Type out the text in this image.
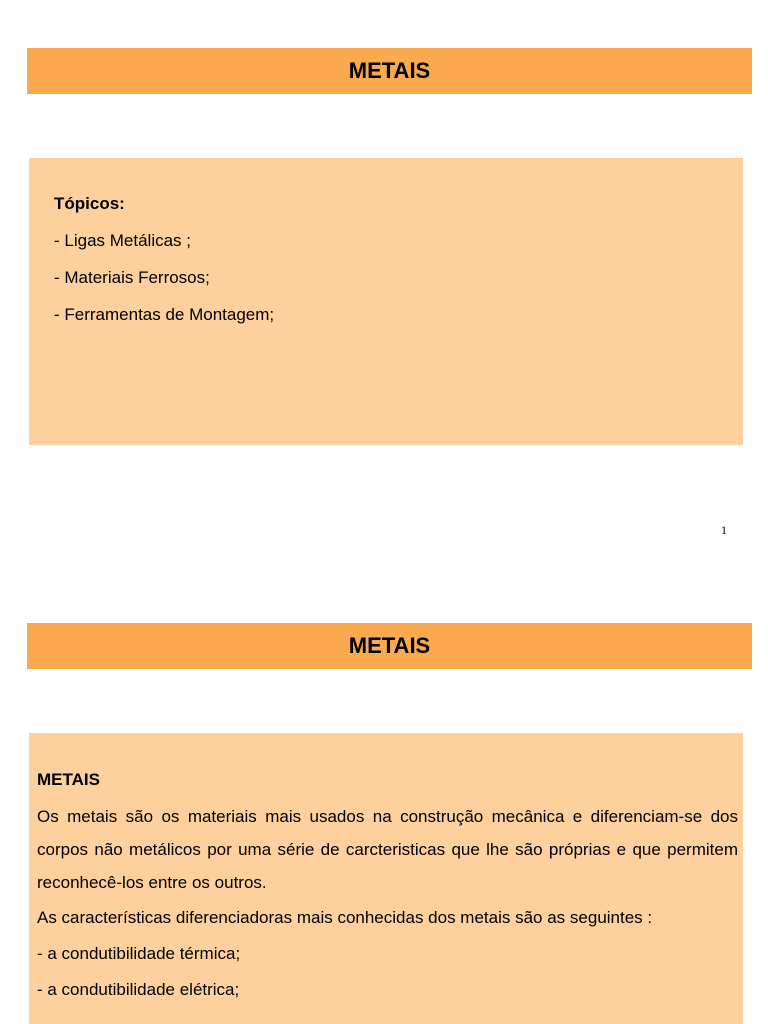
METAIS
Tópicos:
- Ligas Metálicas ;
- Materiais Ferrosos;
- Ferramentas de Montagem;
1
METAIS
METAIS
Os metais são os materiais mais usados na construção mecânica e diferenciam-se dos corpos não metálicos por uma série de carcteristicas que lhe são próprias e que permitem reconhecê-los entre os outros.
As características diferenciadoras mais conhecidas dos metais são as seguintes :
- a condutibilidade térmica;
- a condutibilidade elétrica;
